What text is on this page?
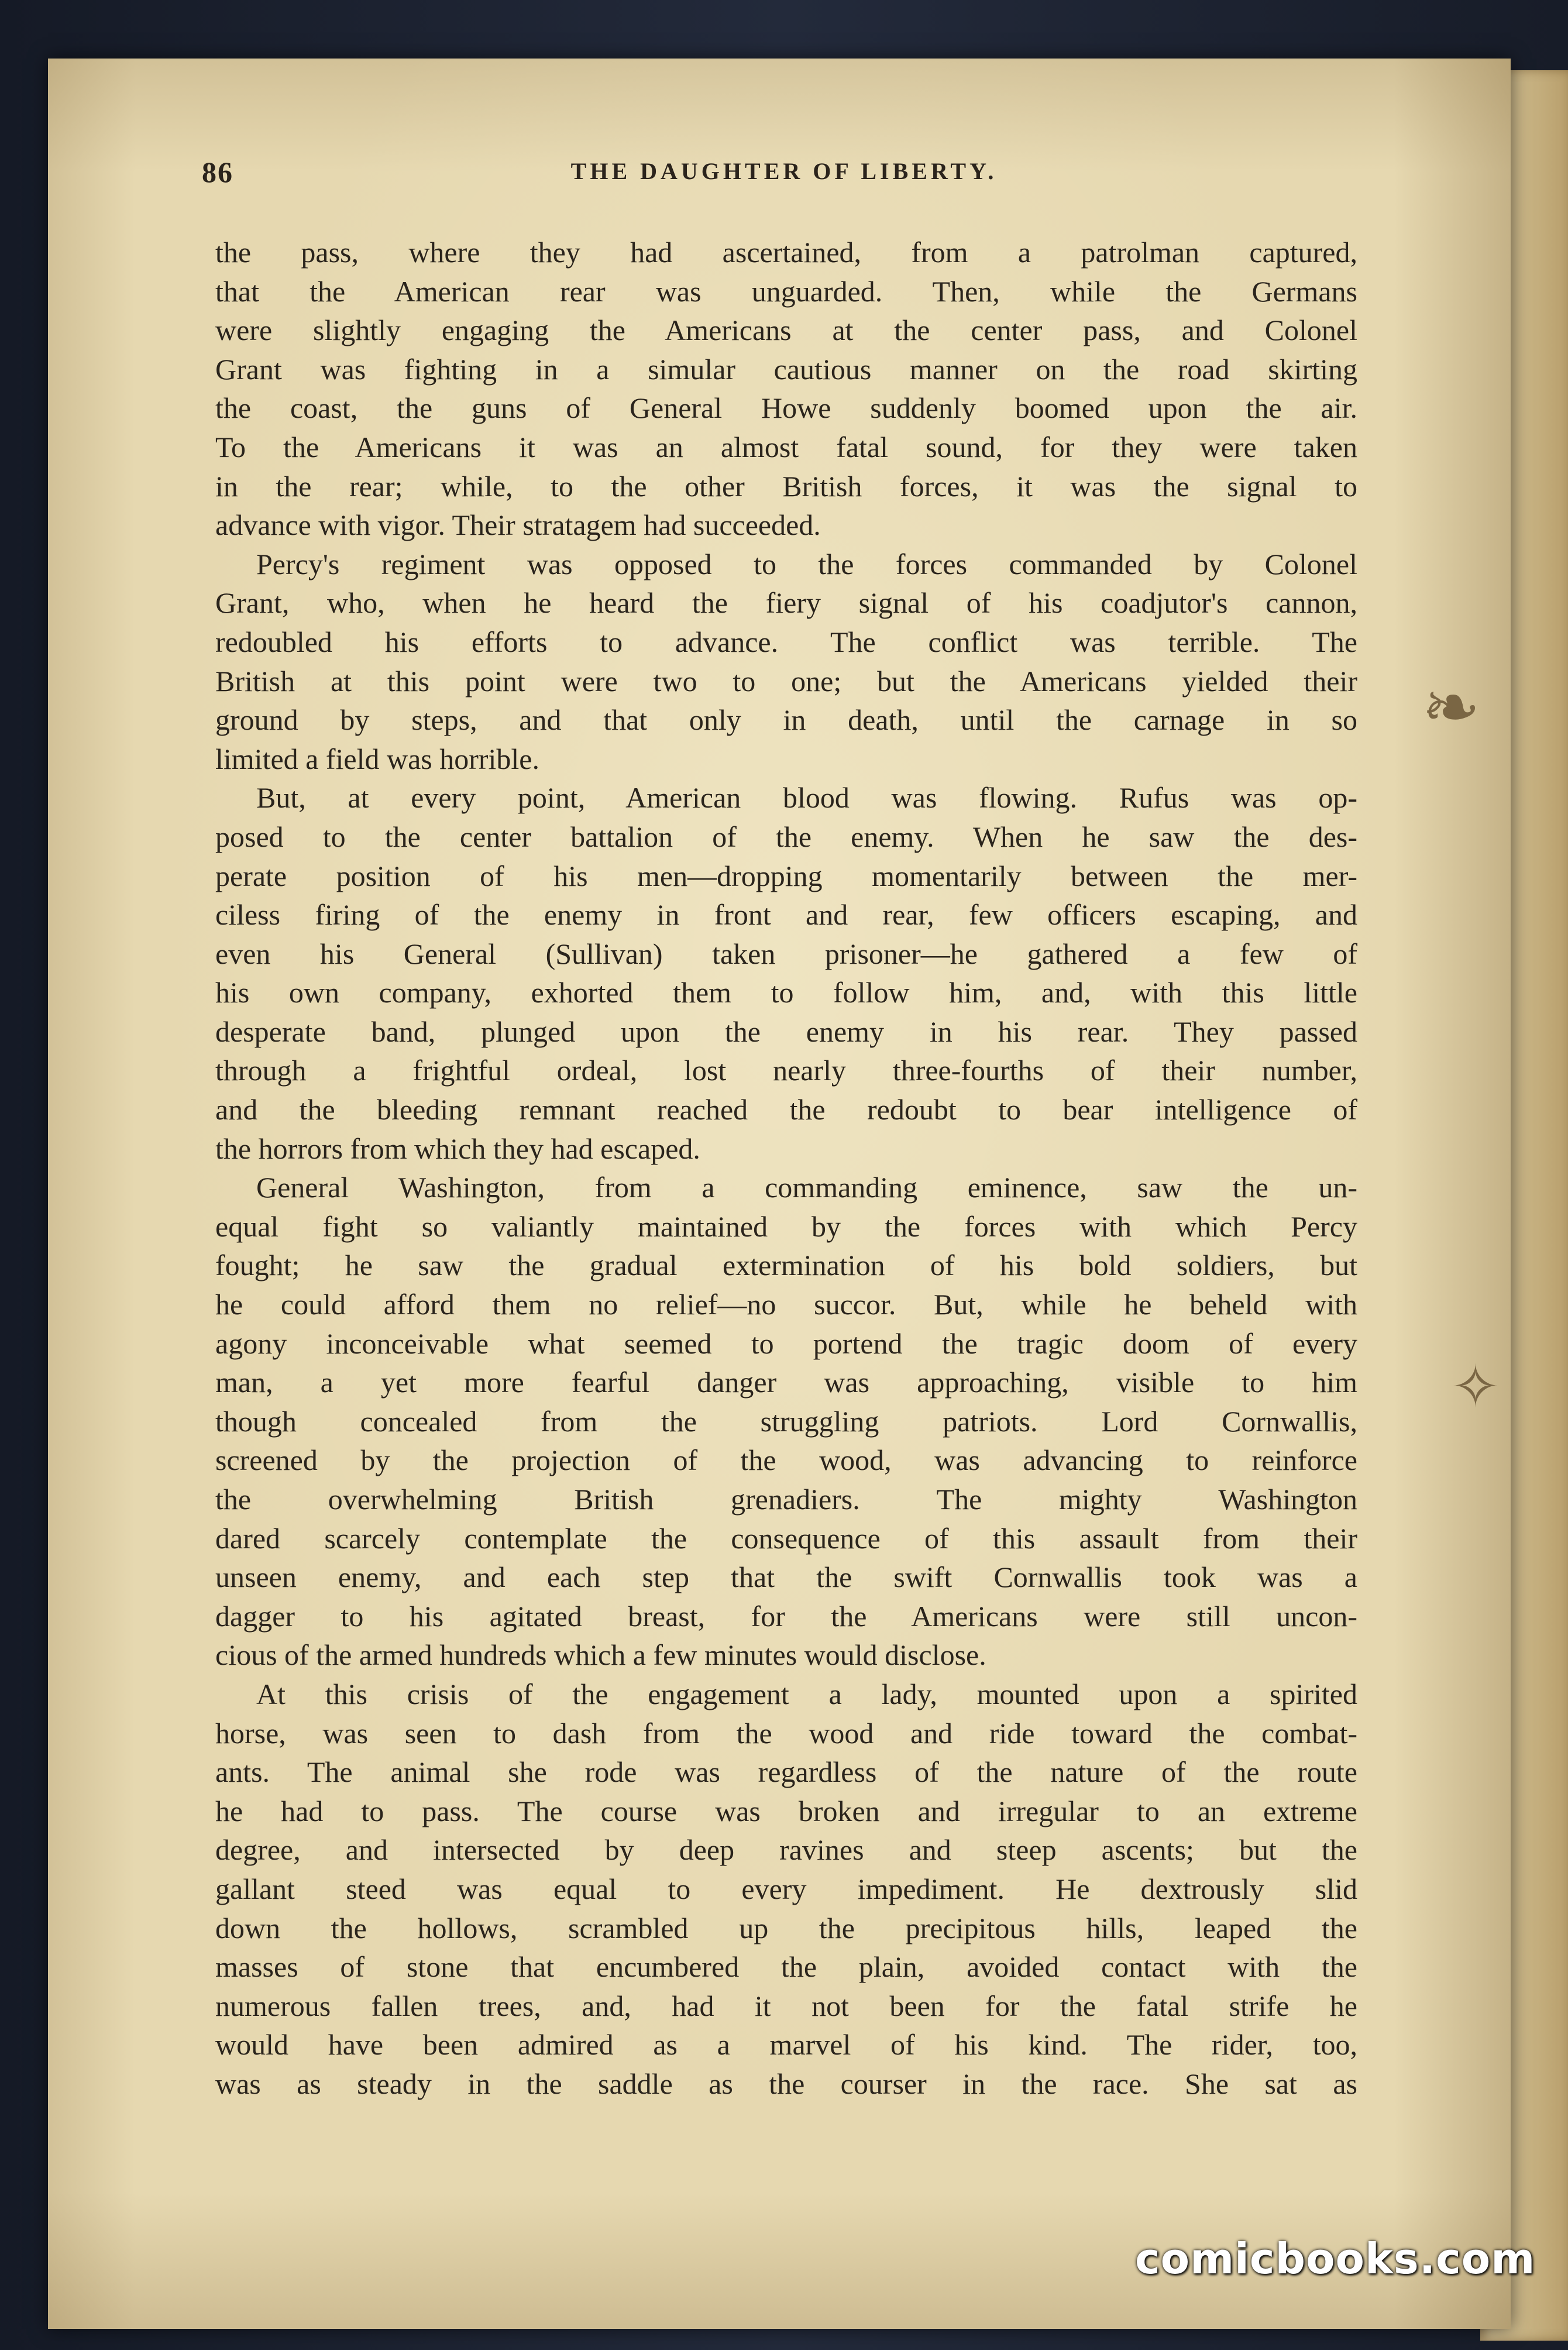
❧
✧
86	THE DAUGHTER OF LIBERTY.
the pass, where they had ascertained, from a patrolman captured,
that the American rear was unguarded. Then, while the Germans
were slightly engaging the Americans at the center pass, and Colonel
Grant was fighting in a simular cautious manner on the road skirting
the coast, the guns of General Howe suddenly boomed upon the air.
To the Americans it was an almost fatal sound, for they were taken
in the rear; while, to the other British forces, it was the signal to
advance with vigor. Their stratagem had succeeded.
Percy's regiment was opposed to the forces commanded by Colonel
Grant, who, when he heard the fiery signal of his coadjutor's cannon,
redoubled his efforts to advance. The conflict was terrible. The
British at this point were two to one; but the Americans yielded their
ground by steps, and that only in death, until the carnage in so
limited a field was horrible.
But, at every point, American blood was flowing. Rufus was op-
posed to the center battalion of the enemy. When he saw the des-
perate position of his men—dropping momentarily between the mer-
ciless firing of the enemy in front and rear, few officers escaping, and
even his General (Sullivan) taken prisoner—he gathered a few of
his own company, exhorted them to follow him, and, with this little
desperate band, plunged upon the enemy in his rear. They passed
through a frightful ordeal, lost nearly three-fourths of their number,
and the bleeding remnant reached the redoubt to bear intelligence of
the horrors from which they had escaped.
General Washington, from a commanding eminence, saw the un-
equal fight so valiantly maintained by the forces with which Percy
fought; he saw the gradual extermination of his bold soldiers, but
he could afford them no relief—no succor. But, while he beheld with
agony inconceivable what seemed to portend the tragic doom of every
man, a yet more fearful danger was approaching, visible to him
though concealed from the struggling patriots. Lord Cornwallis,
screened by the projection of the wood, was advancing to reinforce
the overwhelming British grenadiers. The mighty Washington
dared scarcely contemplate the consequence of this assault from their
unseen enemy, and each step that the swift Cornwallis took was a
dagger to his agitated breast, for the Americans were still uncon-
cious of the armed hundreds which a few minutes would disclose.
At this crisis of the engagement a lady, mounted upon a spirited
horse, was seen to dash from the wood and ride toward the combat-
ants. The animal she rode was regardless of the nature of the route
he had to pass. The course was broken and irregular to an extreme
degree, and intersected by deep ravines and steep ascents; but the
gallant steed was equal to every impediment. He dextrously slid
down the hollows, scrambled up the precipitous hills, leaped the
masses of stone that encumbered the plain, avoided contact with the
numerous fallen trees, and, had it not been for the fatal strife he
would have been admired as a marvel of his kind. The rider, too,
was as steady in the saddle as the courser in the race. She sat as
comicbooks.com
